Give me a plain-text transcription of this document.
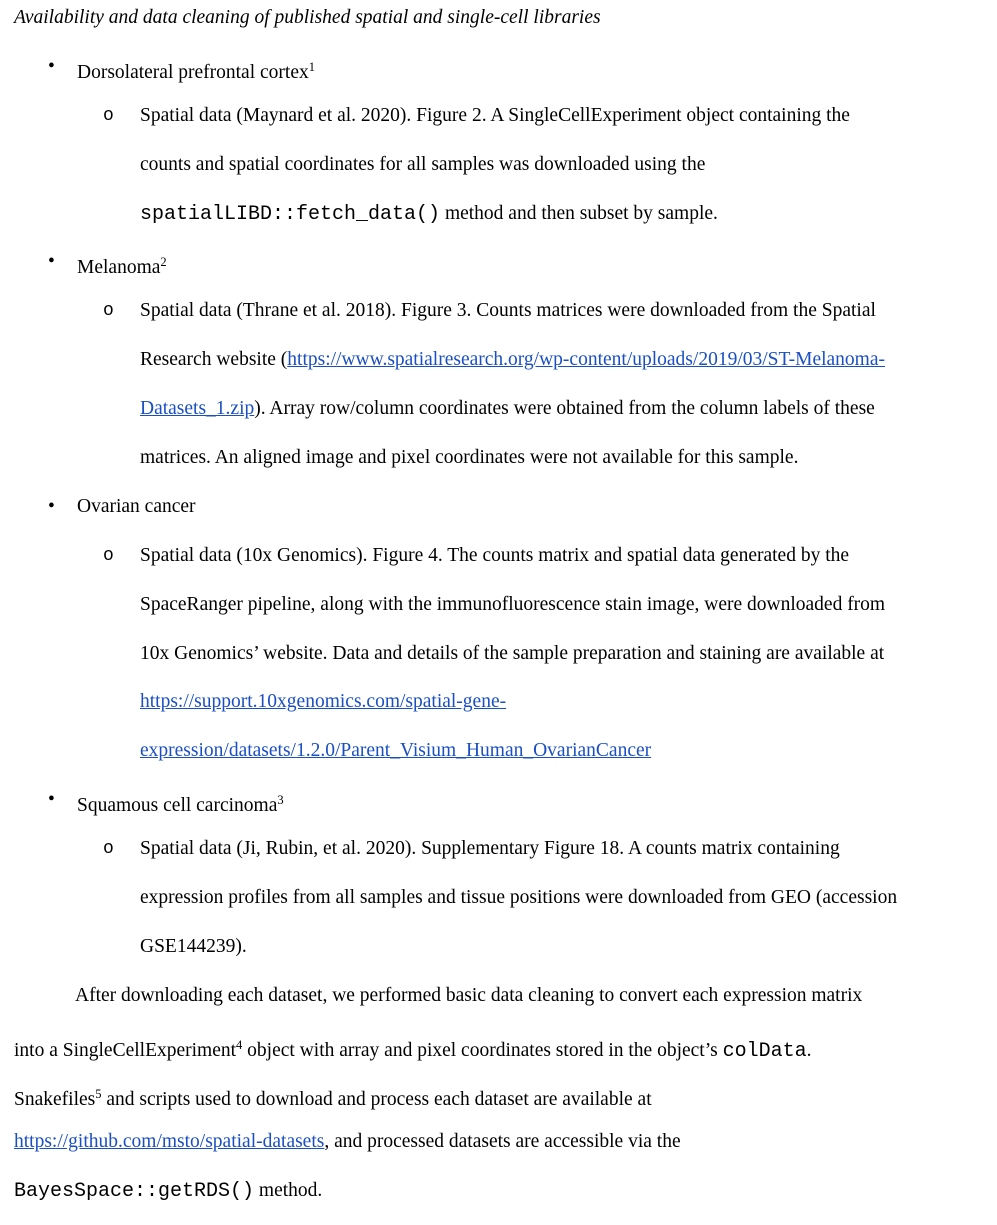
Availability and data cleaning of published spatial and single-cell libraries
• Dorsolateral prefrontal cortex$^1$
o Spatial data (Maynard et al. 2020). Figure 2. A SingleCellExperiment object containing the
counts and spatial coordinates for all samples was downloaded using the
spatialLIBD::fetch_data() method and then subset by sample.
• Melanoma$^2$
o Spatial data (Thrane et al. 2018). Figure 3. Counts matrices were downloaded from the Spatial
Research website (https://www.spatialresearch.org/wp-content/uploads/2019/03/ST-Melanoma-
Datasets_1.zip). Array row/column coordinates were obtained from the column labels of these
matrices. An aligned image and pixel coordinates were not available for this sample.
• Ovarian cancer
o Spatial data (10x Genomics). Figure 4. The counts matrix and spatial data generated by the
SpaceRanger pipeline, along with the immunofluorescence stain image, were downloaded from
10x Genomics’ website. Data and details of the sample preparation and staining are available at
https://support.10xgenomics.com/spatial-gene-
expression/datasets/1.2.0/Parent_Visium_Human_OvarianCancer
• Squamous cell carcinoma$^3$
o Spatial data (Ji, Rubin, et al. 2020). Supplementary Figure 18. A counts matrix containing
expression profiles from all samples and tissue positions were downloaded from GEO (accession
GSE144239).
After downloading each dataset, we performed basic data cleaning to convert each expression matrix
into a SingleCellExperiment$^4$ object with array and pixel coordinates stored in the object’s colData.
Snakefiles$^5$ and scripts used to download and process each dataset are available at
https://github.com/msto/spatial-datasets, and processed datasets are accessible via the
BayesSpace::getRDS() method.
